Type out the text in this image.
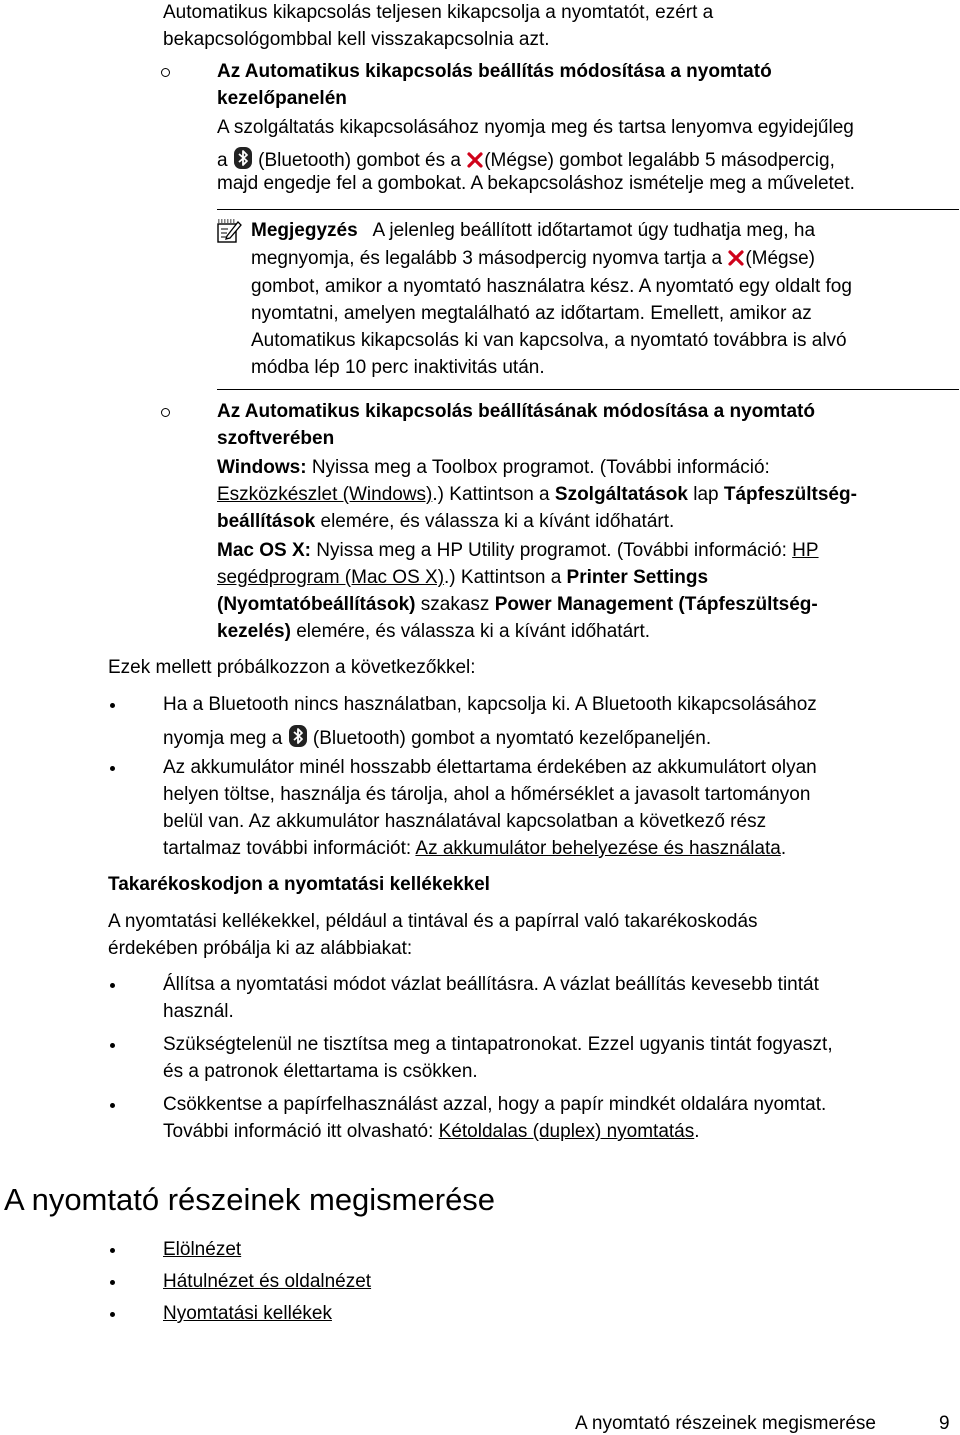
Automatikus kikapcsolás teljesen kikapcsolja a nyomtatót, ezért a
bekapcsológombbal kell visszakapcsolnia azt.
Az Automatikus kikapcsolás beállítás módosítása a nyomtató
kezelőpanelén
A szolgáltatás kikapcsolásához nyomja meg és tartsa lenyomva egyidejűleg
a (Bluetooth) gombot és a (Mégse) gombot legalább 5 másodpercig,
majd engedje fel a gombokat. A bekapcsoláshoz ismételje meg a műveletet.
Megjegyzés A jelenleg beállított időtartamot úgy tudhatja meg, ha
megnyomja, és legalább 3 másodpercig nyomva tartja a (Mégse)
gombot, amikor a nyomtató használatra kész. A nyomtató egy oldalt fog
nyomtatni, amelyen megtalálható az időtartam. Emellett, amikor az
Automatikus kikapcsolás ki van kapcsolva, a nyomtató továbbra is alvó
módba lép 10 perc inaktivitás után.
Az Automatikus kikapcsolás beállításának módosítása a nyomtató
szoftverében
Windows: Nyissa meg a Toolbox programot. (További információ:
Eszközkészlet (Windows).) Kattintson a Szolgáltatások lap Tápfeszültség-
beállítások elemére, és válassza ki a kívánt időhatárt.
Mac OS X: Nyissa meg a HP Utility programot. (További információ: HP
segédprogram (Mac OS X).) Kattintson a Printer Settings
(Nyomtatóbeállítások) szakasz Power Management (Tápfeszültség-
kezelés) elemére, és válassza ki a kívánt időhatárt.
Ezek mellett próbálkozzon a következőkkel:
Ha a Bluetooth nincs használatban, kapcsolja ki. A Bluetooth kikapcsolásához
nyomja meg a (Bluetooth) gombot a nyomtató kezelőpaneljén.
Az akkumulátor minél hosszabb élettartama érdekében az akkumulátort olyan
helyen töltse, használja és tárolja, ahol a hőmérséklet a javasolt tartományon
belül van. Az akkumulátor használatával kapcsolatban a következő rész
tartalmaz további információt: Az akkumulátor behelyezése és használata.
Takarékoskodjon a nyomtatási kellékekkel
A nyomtatási kellékekkel, például a tintával és a papírral való takarékoskodás
érdekében próbálja ki az alábbiakat:
Állítsa a nyomtatási módot vázlat beállításra. A vázlat beállítás kevesebb tintát
használ.
Szükségtelenül ne tisztítsa meg a tintapatronokat. Ezzel ugyanis tintát fogyaszt,
és a patronok élettartama is csökken.
Csökkentse a papírfelhasználást azzal, hogy a papír mindkét oldalára nyomtat.
További információ itt olvasható: Kétoldalas (duplex) nyomtatás.
A nyomtató részeinek megismerése
Elölnézet
Hátulnézet és oldalnézet
Nyomtatási kellékek
A nyomtató részeinek megismerése	9
